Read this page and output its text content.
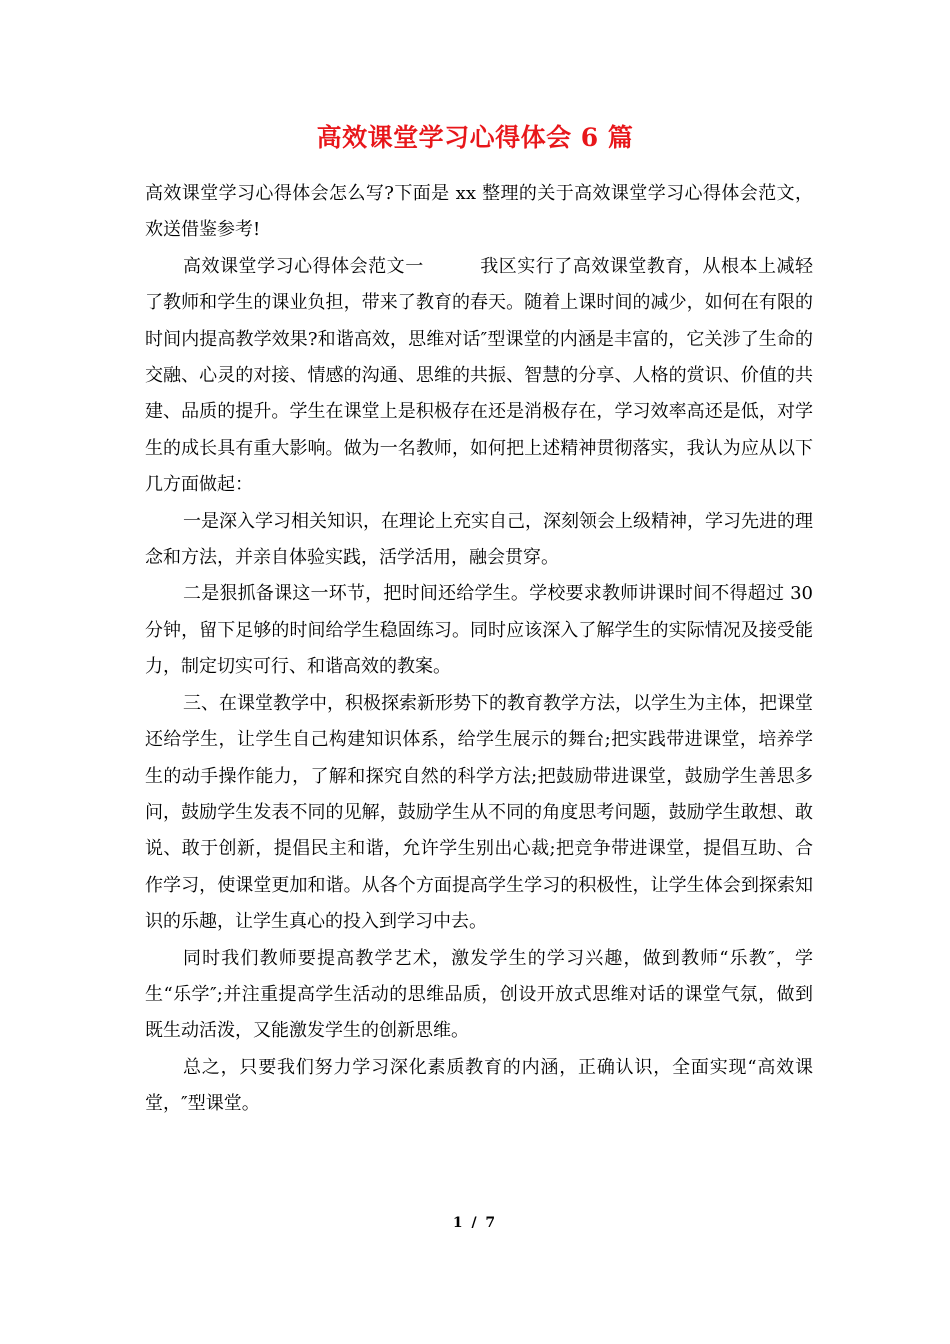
高效课堂学习心得体会 6 篇

高效课堂学习心得体会怎么写?下面是 xx 整理的关于高效课堂学习心得体会范文，欢送借鉴参考!

高效课堂学习心得体会范文一	我区实行了高效课堂教育，从根本上减轻了教师和学生的课业负担，带来了教育的春天。随着上课时间的减少，如何在有限的时间内提高教学效果?和谐高效，思维对话″型课堂的内涵是丰富的，它关涉了生命的交融、心灵的对接、情感的沟通、思维的共振、智慧的分享、人格的赏识、价值的共建、品质的提升。学生在课堂上是积极存在还是消极存在，学习效率高还是低，对学生的成长具有重大影响。做为一名教师，如何把上述精神贯彻落实，我认为应从以下几方面做起：

一是深入学习相关知识，在理论上充实自己，深刻领会上级精神，学习先进的理念和方法，并亲自体验实践，活学活用，融会贯穿。

二是狠抓备课这一环节，把时间还给学生。学校要求教师讲课时间不得超过 30 分钟，留下足够的时间给学生稳固练习。同时应该深入了解学生的实际情况及接受能力，制定切实可行、和谐高效的教案。

三、在课堂教学中，积极探索新形势下的教育教学方法，以学生为主体，把课堂还给学生，让学生自己构建知识体系，给学生展示的舞台;把实践带进课堂，培养学生的动手操作能力，了解和探究自然的科学方法;把鼓励带进课堂，鼓励学生善思多问，鼓励学生发表不同的见解，鼓励学生从不同的角度思考问题，鼓励学生敢想、敢说、敢于创新，提倡民主和谐，允许学生别出心裁;把竞争带进课堂，提倡互助、合作学习，使课堂更加和谐。从各个方面提高学生学习的积极性，让学生体会到探索知识的乐趣，让学生真心的投入到学习中去。

同时我们教师要提高教学艺术，激发学生的学习兴趣，做到教师“乐教″，学生“乐学″;并注重提高学生活动的思维品质，创设开放式思维对话的课堂气氛，做到既生动活泼，又能激发学生的创新思维。

总之，只要我们努力学习深化素质教育的内涵，正确认识，全面实现“高效课堂，″型课堂。

1 / 7
